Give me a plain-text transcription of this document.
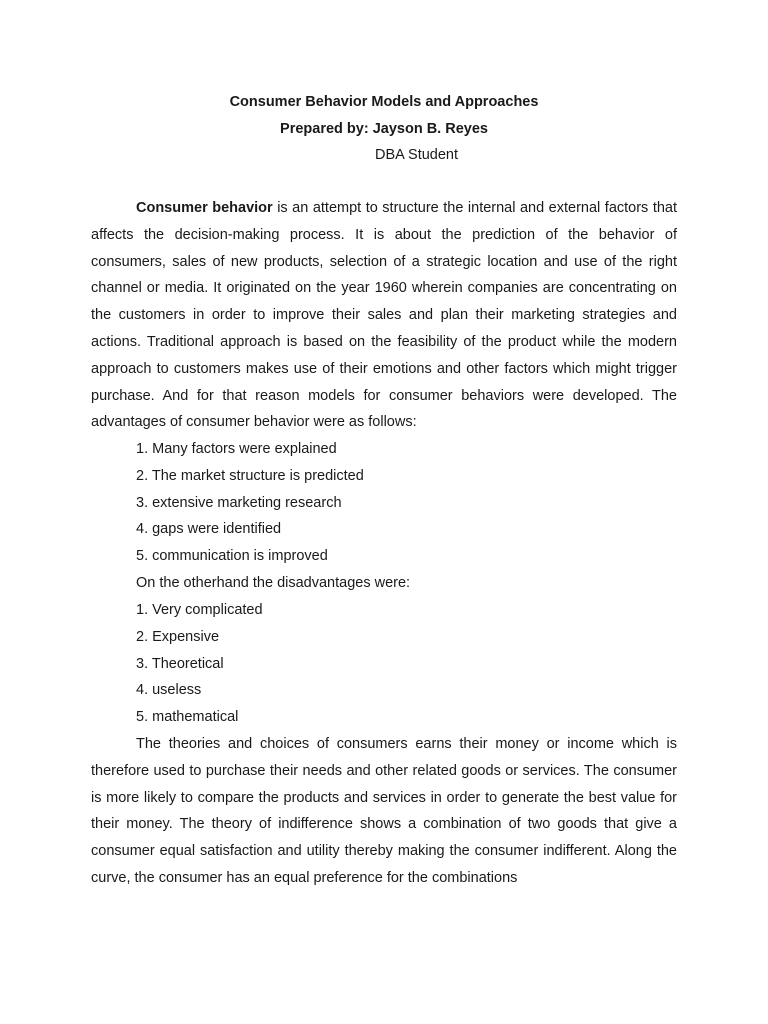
Consumer Behavior Models and Approaches
Prepared by: Jayson B. Reyes
DBA Student

Consumer behavior is an attempt to structure the internal and external factors that affects the decision-making process. It is about the prediction of the behavior of consumers, sales of new products, selection of a strategic location and use of the right channel or media. It originated on the year 1960 wherein companies are concentrating on the customers in order to improve their sales and plan their marketing strategies and actions. Traditional approach is based on the feasibility of the product while the modern approach to customers makes use of their emotions and other factors which might trigger purchase. And for that reason models for consumer behaviors were developed. The advantages of consumer behavior were as follows:

1. Many factors were explained
2. The market structure is predicted
3. extensive marketing research
4. gaps were identified
5. communication is improved
On the otherhand the disadvantages were:
1. Very complicated
2. Expensive
3. Theoretical
4. useless
5. mathematical

The theories and choices of consumers earns their money or income which is therefore used to purchase their needs and other related goods or services. The consumer is more likely to compare the products and services in order to generate the best value for their money. The theory of indifference shows a combination of two goods that give a consumer equal satisfaction and utility thereby making the consumer indifferent. Along the curve, the consumer has an equal preference for the combinations
